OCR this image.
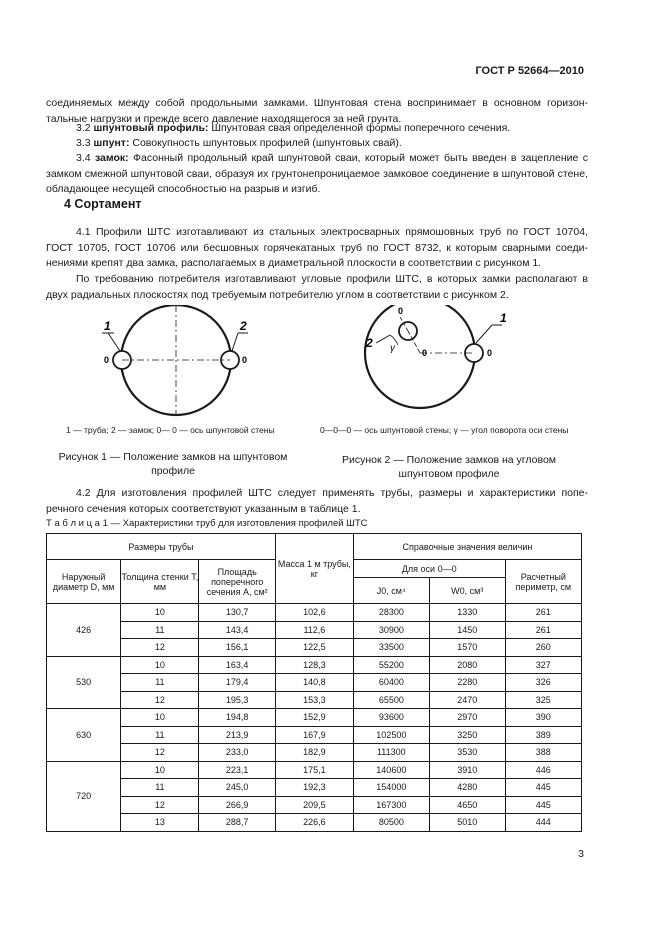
ГОСТ Р 52664—2010
соединяемых между собой продольными замками. Шпунтовая стена воспринимает в основном горизон-тальные нагрузки и прежде всего давление находящегося за ней грунта.
3.2 шпунтовый профиль: Шпунтовая свая определенной формы поперечного сечения.
3.3 шпунт: Совокупность шпунтовых профилей (шпунтовых свай).
3.4 замок: Фасонный продольный край шпунтовой сваи, который может быть введен в зацепление с замком смежной шпунтовой сваи, образуя их грунтонепроницаемое замковое соединение в шпунтовой стене, обладающее несущей способностью на разрыв и изгиб.
4 Сортамент
4.1 Профили ШТС изготавливают из стальных электросварных прямошовных труб по ГОСТ 10704, ГОСТ 10705, ГОСТ 10706 или бесшовных горячекатаных труб по ГОСТ 8732, к которым сварными соеди-нениями крепят два замка, располагаемых в диаметральной плоскости в соответствии с рисунком 1.
По требованию потребителя изготавливают угловые профили ШТС, в которых замки располагают в двух радиальных плоскостях под требуемым потребителю углом в соответствии с рисунком 2.
1	2
0	0
1 — труба; 2 — замок; 0— 0 — ось шпунтовой стены
Рисунок 1 — Положение замков на шпунтовом профиле
1
2
0
0	0
γ
0—0—0 — ось шпунтовой стены; γ — угол поворота оси стены
Рисунок 2 — Положение замков на угловом шпунтовом профиле
4.2 Для изготовления профилей ШТС следует применять трубы, размеры и характеристики попе-речного сечения которых соответствуют указанным в таблице 1.
Т а б л и ц а 1 — Характеристики труб для изготовления профилей ШТС
Размеры трубы			Масса 1 м трубы, кг	Справочные значения величин		
Наружный диаметр D, мм	Толщина стенки T, мм	Площадь поперечного сечения A, см²		Для оси 0—0		Расчетный периметр, см
				J0, см⁴	W0, см³	
426	10	130,7	102,6	28300	1330	261
	11	143,4	112,6	30900	1450	261
	12	156,1	122,5	33500	1570	260
530	10	163,4	128,3	55200	2080	327
	11	179,4	140,8	60400	2280	326
	12	195,3	153,3	65500	2470	325
630	10	194,8	152,9	93600	2970	390
	11	213,9	167,9	102500	3250	389
	12	233,0	182,9	111300	3530	388
720	10	223,1	175,1	140600	3910	446
	11	245,0	192,3	154000	4280	445
	12	266,9	209,5	167300	4650	445
	13	288,7	226,6	80500	5010	444
3
